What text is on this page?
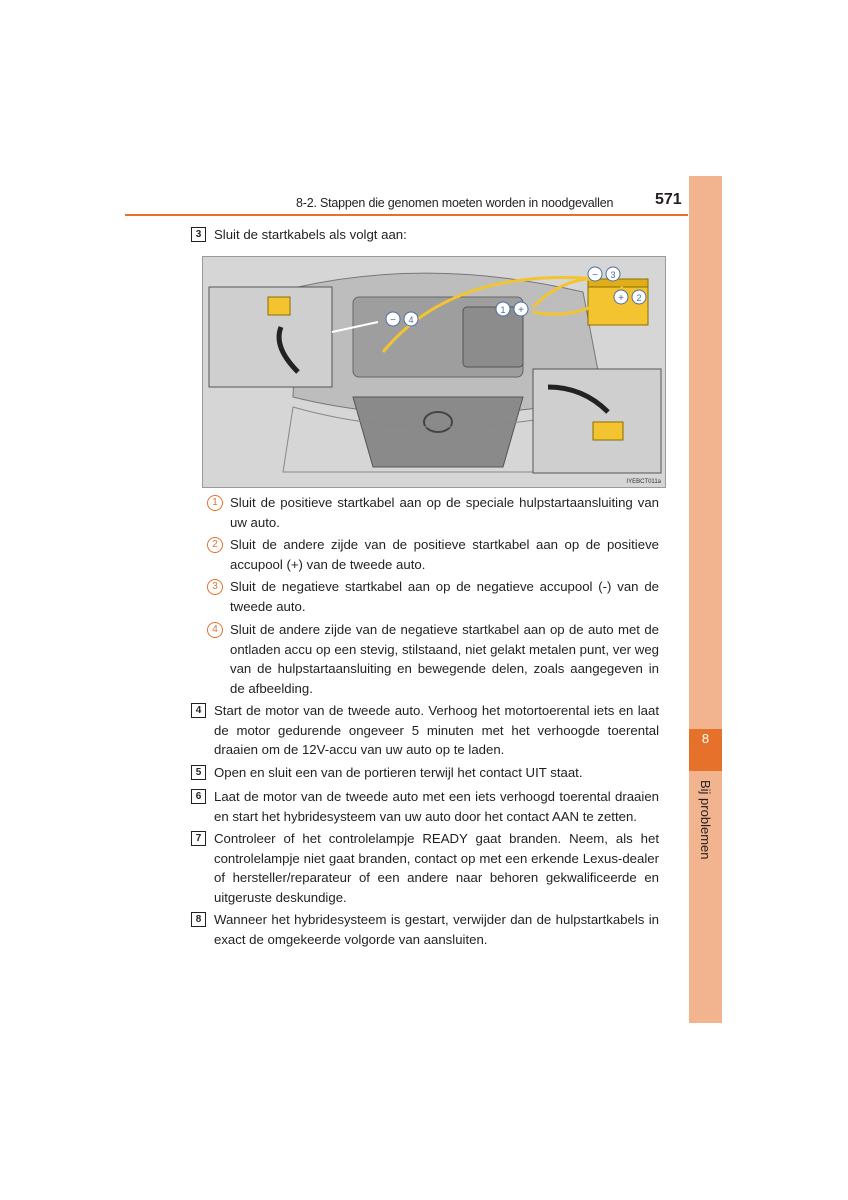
8-2. Stappen die genomen moeten worden in noodgevallen	571
8
Bij problemen
3 Sluit de startkabels als volgt aan:
− 3
+ 2
1 +
− 4
IYEBCT011a
1 Sluit de positieve startkabel aan op de speciale hulpstartaansluiting van uw auto.
2 Sluit de andere zijde van de positieve startkabel aan op de positieve accupool (+) van de tweede auto.
3 Sluit de negatieve startkabel aan op de negatieve accupool (-) van de tweede auto.
4 Sluit de andere zijde van de negatieve startkabel aan op de auto met de ontladen accu op een stevig, stilstaand, niet gelakt metalen punt, ver weg van de hulpstartaansluiting en bewegende delen, zoals aangegeven in de afbeelding.
4 Start de motor van de tweede auto. Verhoog het motortoerental iets en laat de motor gedurende ongeveer 5 minuten met het verhoogde toerental draaien om de 12V-accu van uw auto op te laden.
5 Open en sluit een van de portieren terwijl het contact UIT staat.
6 Laat de motor van de tweede auto met een iets verhoogd toerental draaien en start het hybridesysteem van uw auto door het contact AAN te zetten.
7 Controleer of het controlelampje READY gaat branden. Neem, als het controlelampje niet gaat branden, contact op met een erkende Lexus-dealer of hersteller/reparateur of een andere naar behoren gekwalificeerde en uitgeruste deskundige.
8 Wanneer het hybridesysteem is gestart, verwijder dan de hulpstartkabels in exact de omgekeerde volgorde van aansluiten.
